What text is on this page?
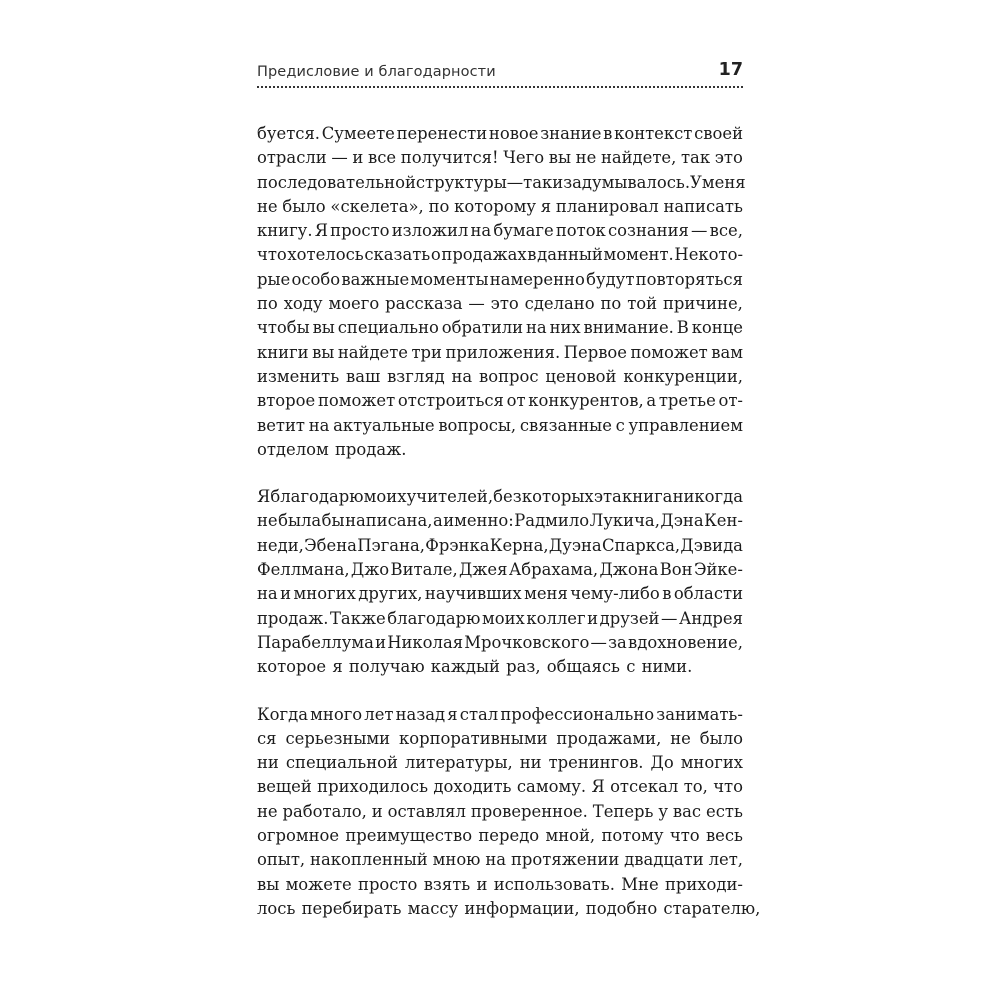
Предисловие и благодарности	17
буется. Сумеете перенести новое знание в контекст своей
отрасли — и все получится! Чего вы не найдете, так это
последовательной структуры — так и задумывалось. У меня
не было «скелета», по которому я планировал написать
книгу. Я просто изложил на бумаге поток сознания — все,
что хотелось сказать о продажах в данный момент. Некото-
рые особо важные моменты намеренно будут повторяться
по ходу моего рассказа — это сделано по той причине,
чтобы вы специально обратили на них внимание. В конце
книги вы найдете три приложения. Первое поможет вам
изменить ваш взгляд на вопрос ценовой конкуренции,
второе поможет отстроиться от конкурентов, а третье от-
ветит на актуальные вопросы, связанные с управлением
отделом продаж.
Я благодарю моих учителей, без которых эта книга никогда
не была бы написана, а именно: Радмило Лукича, Дэна Кен-
неди, Эбена Пэгана, Фрэнка Керна, Дуэна Спаркса, Дэвида
Феллмана, Джо Витале, Джея Абрахама, Джона Вон Эйке-
на и многих других, научивших меня чему-либо в области
продаж. Также благодарю моих коллег и друзей — Андрея
Парабеллума и Николая Мрочковского — за вдохновение,
которое я получаю каждый раз, общаясь с ними.
Когда много лет назад я стал профессионально занимать-
ся серьезными корпоративными продажами, не было
ни специальной литературы, ни тренингов. До многих
вещей приходилось доходить самому. Я отсекал то, что
не работало, и оставлял проверенное. Теперь у вас есть
огромное преимущество передо мной, потому что весь
опыт, накопленный мною на протяжении двадцати лет,
вы можете просто взять и использовать. Мне приходи-
лось перебирать массу информации, подобно старателю,
